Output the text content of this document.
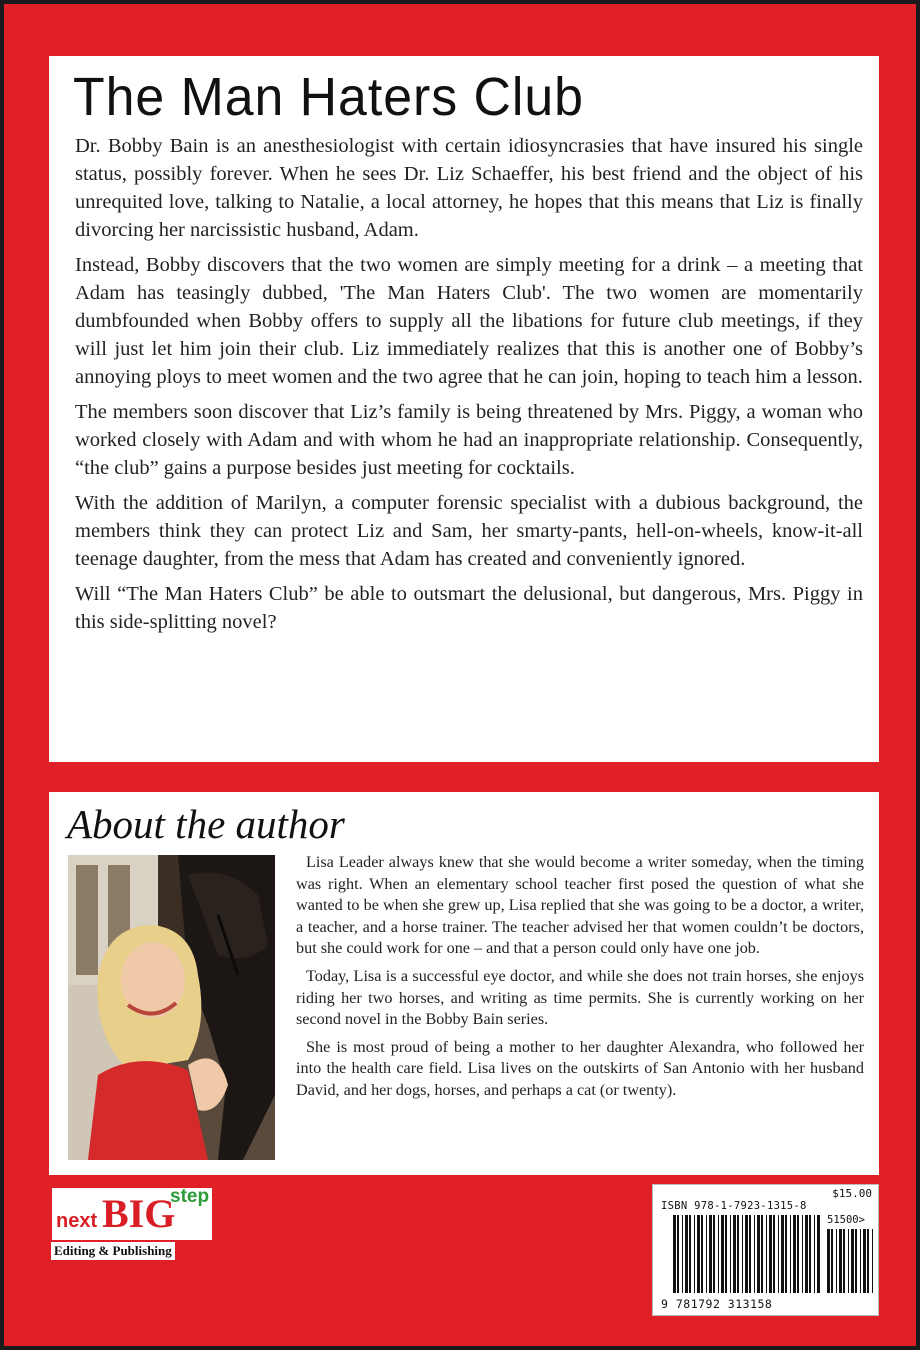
The Man Haters Club

Dr. Bobby Bain is an anesthesiologist with certain idiosyncrasies that have insured his single status, possibly forever. When he sees Dr. Liz Schaeffer, his best friend and the object of his unrequited love, talking to Natalie, a local attorney, he hopes that this means that Liz is finally divorcing her narcissistic husband, Adam.

Instead, Bobby discovers that the two women are simply meeting for a drink – a meeting that Adam has teasingly dubbed, 'The Man Haters Club'. The two women are momentarily dumbfounded when Bobby offers to supply all the libations for future club meetings, if they will just let him join their club. Liz immediately realizes that this is another one of Bobby’s annoying ploys to meet women and the two agree that he can join, hoping to teach him a lesson.

The members soon discover that Liz’s family is being threatened by Mrs. Piggy, a woman who worked closely with Adam and with whom he had an inappropriate relationship. Consequently, “the club” gains a purpose besides just meeting for cocktails.

With the addition of Marilyn, a computer forensic specialist with a dubious background, the members think they can protect Liz and Sam, her smarty-pants, hell-on-wheels, know-it-all teenage daughter, from the mess that Adam has created and conveniently ignored.

Will “The Man Haters Club” be able to outsmart the delusional, but dangerous, Mrs. Piggy in this side-splitting novel?

About the author

Lisa Leader always knew that she would become a writer someday, when the timing was right. When an elementary school teacher first posed the question of what she wanted to be when she grew up, Lisa replied that she was going to be a doctor, a writer, a teacher, and a horse trainer. The teacher advised her that women couldn’t be doctors, but she could work for one – and that a person could only have one job.

Today, Lisa is a successful eye doctor, and while she does not train horses, she enjoys riding her two horses, and writing as time permits. She is currently working on her second novel in the Bobby Bain series.

She is most proud of being a mother to her daughter Alexandra, who followed her into the health care field. Lisa lives on the outskirts of San Antonio with her husband David, and her dogs, horses, and perhaps a cat (or twenty).

next BIG
step
Editing & Publishing
$15.00
ISBN 978-1-7923-1315-8
51500>
9 781792 313158
